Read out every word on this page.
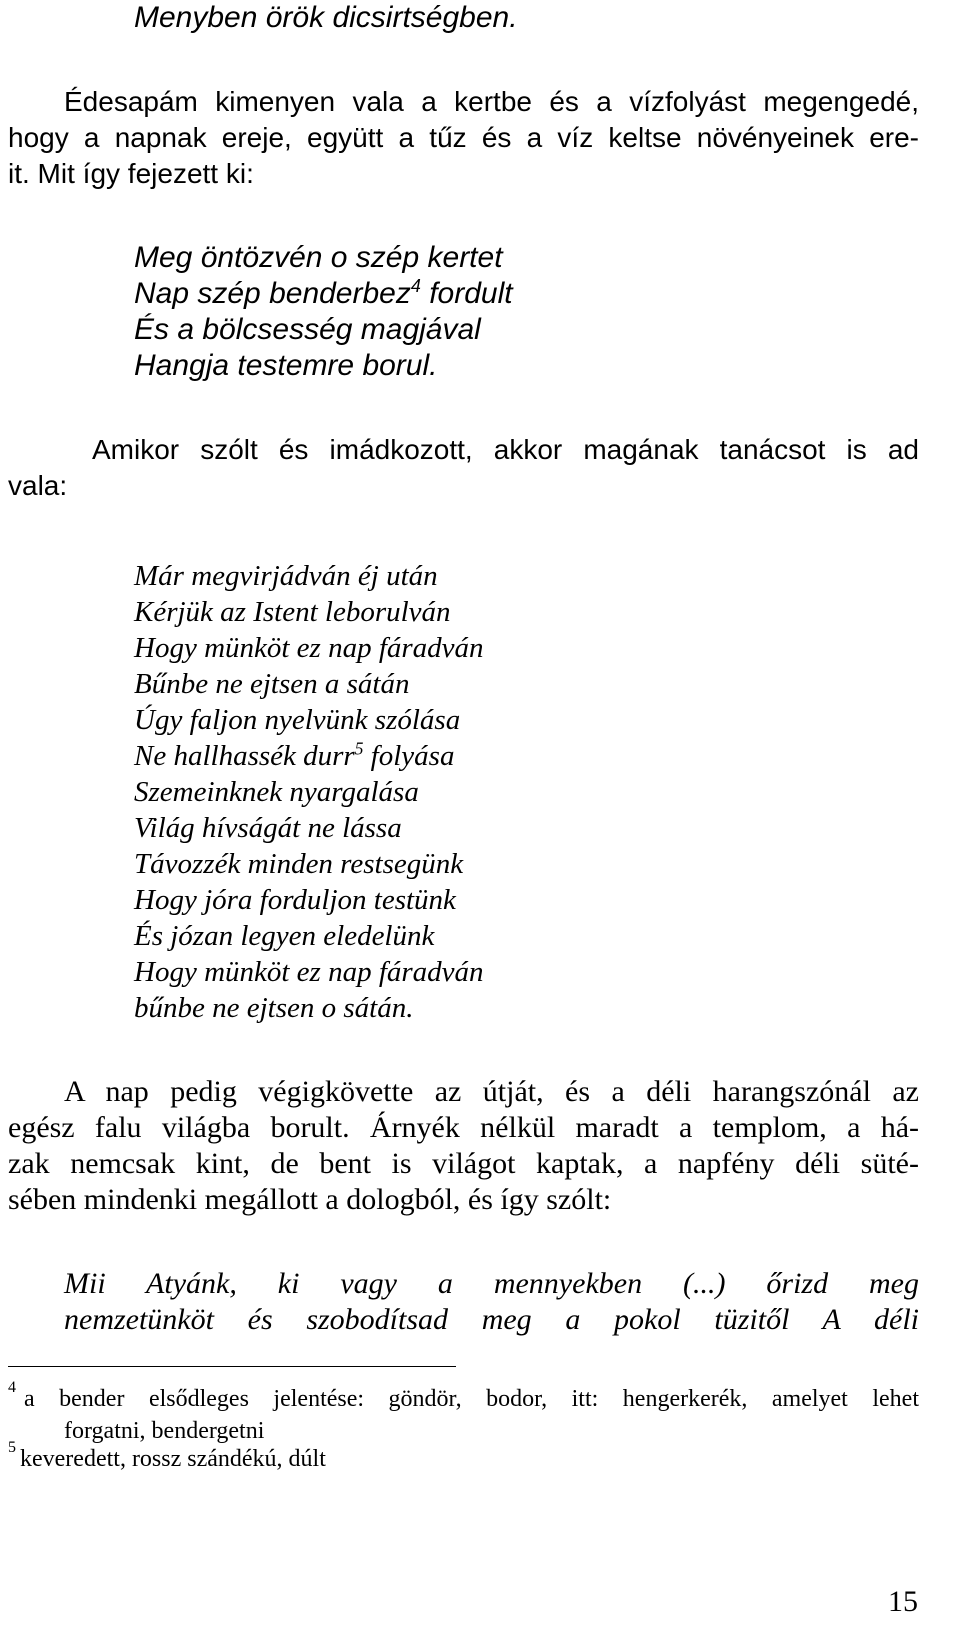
Menyben örök dicsirtségben.
Édesapám kimenyen vala a kertbe és a vízfolyást megengedé,
hogy a napnak ereje, együtt a tűz és a víz keltse növényeinek ere-
it. Mit így fejezett ki:
Meg öntözvén o szép kertet
Nap szép benderbez$^4$ fordult
És a bölcsesség magjával
Hangja testemre borul.
Amikor szólt és imádkozott, akkor magának tanácsot is ad
vala:
Már megvirjádván éj után
Kérjük az Istent leborulván
Hogy münköt ez nap fáradván
Bűnbe ne ejtsen a sátán
Úgy faljon nyelvünk szólása
Ne hallhassék durr$^5$ folyása
Szemeinknek nyargalása
Világ hívságát ne lássa
Távozzék minden restsegünk
Hogy jóra forduljon testünk
És józan legyen eledelünk
Hogy münköt ez nap fáradván
bűnbe ne ejtsen o sátán.
A nap pedig végigkövette az útját, és a déli harangszónál az
egész falu világba borult. Árnyék nélkül maradt a templom, a há-
zak nemcsak kint, de bent is világot kaptak, a napfény déli süté-
sében mindenki megállott a dologból, és így szólt:
Mii Atyánk, ki vagy a mennyekben (...) őrizd meg
nemzetünköt és szobodítsad meg a pokol tüzitől A déli
4 a bender elsődleges jelentése: göndör, bodor, itt: hengerkerék, amelyet lehet
forgatni, bendergetni
5 keveredett, rossz szándékú, dúlt
15
